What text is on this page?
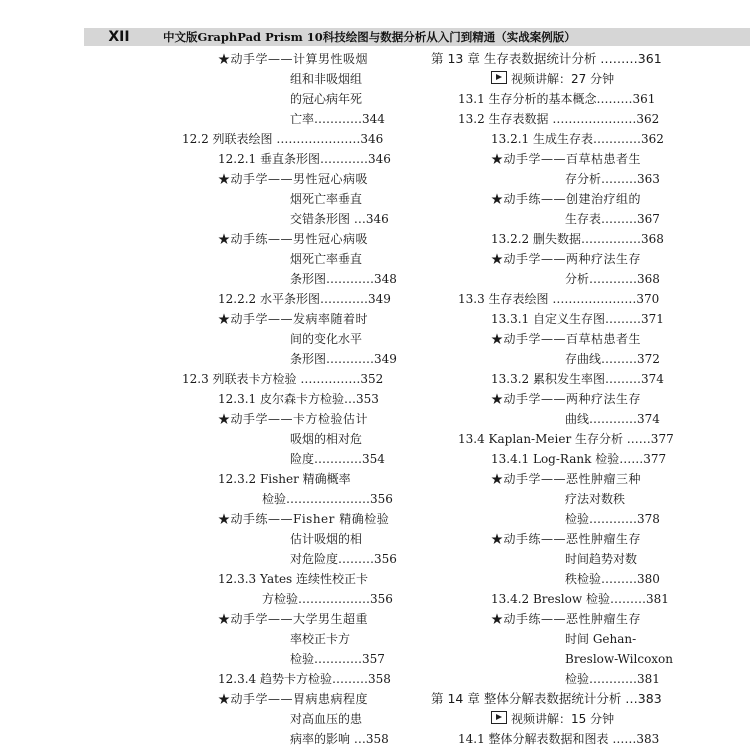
XII	中文版GraphPad Prism 10科技绘图与数据分析从入门到精通（实战案例版）
★动手学——计算男性吸烟
组和非吸烟组
的冠心病年死
亡率…………344
12.2 列联表绘图 …………………346
12.2.1 垂直条形图…………346
★动手学——男性冠心病吸
烟死亡率垂直
交错条形图 …346
★动手练——男性冠心病吸
烟死亡率垂直
条形图…………348
12.2.2 水平条形图…………349
★动手学——发病率随着时
间的变化水平
条形图…………349
12.3 列联表卡方检验 ……………352
12.3.1 皮尔森卡方检验…353
★动手学——卡方检验估计
吸烟的相对危
险度…………354
12.3.2 Fisher 精确概率
检验…………………356
★动手练——Fisher 精确检验
估计吸烟的相
对危险度………356
12.3.3 Yates 连续性校正卡
方检验………………356
★动手学——大学男生超重
率校正卡方
检验…………357
12.3.4 趋势卡方检验………358
★动手学——胃病患病程度
对高血压的患
病率的影响 …358
第 13 章 生存表数据统计分析 ………361
视频讲解：27 分钟
13.1 生存分析的基本概念………361
13.2 生存表数据 …………………362
13.2.1 生成生存表…………362
★动手学——百草枯患者生
存分析………363
★动手练——创建治疗组的
生存表………367
13.2.2 删失数据……………368
★动手学——两种疗法生存
分析…………368
13.3 生存表绘图 …………………370
13.3.1 自定义生存图………371
★动手学——百草枯患者生
存曲线………372
13.3.2 累积发生率图………374
★动手学——两种疗法生存
曲线…………374
13.4 Kaplan-Meier 生存分析 ……377
13.4.1 Log-Rank 检验……377
★动手学——恶性肿瘤三种
疗法对数秩
检验…………378
★动手练——恶性肿瘤生存
时间趋势对数
秩检验………380
13.4.2 Breslow 检验………381
★动手练——恶性肿瘤生存
时间 Gehan-
Breslow-Wilcoxon
检验…………381
第 14 章 整体分解表数据统计分析 …383
视频讲解：15 分钟
14.1 整体分解表数据和图表 ……383
